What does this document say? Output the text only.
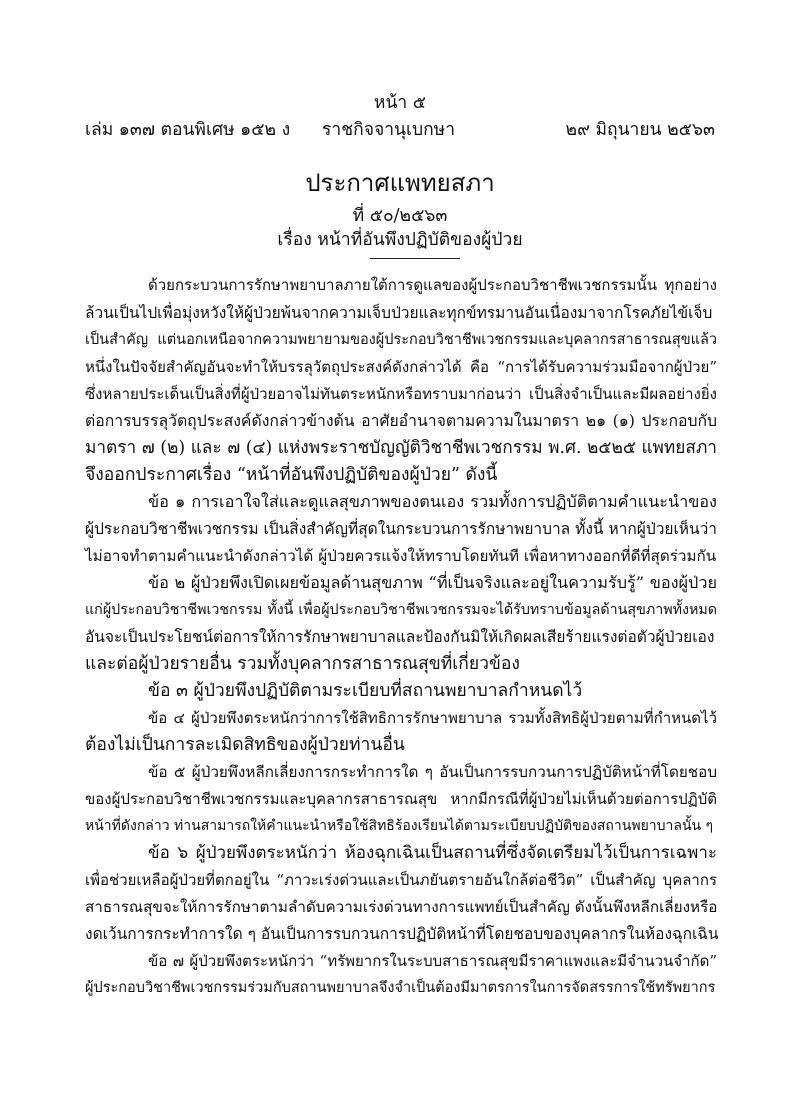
หน้า ๕
เล่ม ๑๓๗ ตอนพิเศษ ๑๕๒ ง ราชกิจจานุเบกษา	๒๙ มิถุนายน ๒๕๖๓
ประกาศแพทยสภา
ที่ ๕๐/๒๕๖๓
เรื่อง หน้าที่อันพึงปฏิบัติของผู้ป่วย
ด้วยกระบวนการรักษาพยาบาลภายใต้การดูแลของผู้ประกอบวิชาชีพเวชกรรมนั้น ทุกอย่าง
ล้วนเป็นไปเพื่อมุ่งหวังให้ผู้ป่วยพ้นจากความเจ็บป่วยและทุกข์ทรมานอันเนื่องมาจากโรคภัยไข้เจ็บ
เป็นสำคัญ แต่นอกเหนือจากความพยายามของผู้ประกอบวิชาชีพเวชกรรมและบุคลากรสาธารณสุขแล้ว
หนึ่งในปัจจัยสำคัญอันจะทำให้บรรลุวัตถุประสงค์ดังกล่าวได้ คือ “การได้รับความร่วมมือจากผู้ป่วย”
ซึ่งหลายประเด็นเป็นสิ่งที่ผู้ป่วยอาจไม่ทันตระหนักหรือทราบมาก่อนว่า เป็นสิ่งจำเป็นและมีผลอย่างยิ่ง
ต่อการบรรลุวัตถุประสงค์ดังกล่าวข้างต้น อาศัยอำนาจตามความในมาตรา ๒๑ (๑) ประกอบกับ
มาตรา ๗ (๒) และ ๗ (๔) แห่งพระราชบัญญัติวิชาชีพเวชกรรม พ.ศ. ๒๕๒๕ แพทยสภา
จึงออกประกาศเรื่อง “หน้าที่อันพึงปฏิบัติของผู้ป่วย” ดังนี้
ข้อ ๑ การเอาใจใส่และดูแลสุขภาพของตนเอง รวมทั้งการปฏิบัติตามคำแนะนำของ
ผู้ประกอบวิชาชีพเวชกรรม เป็นสิ่งสำคัญที่สุดในกระบวนการรักษาพยาบาล ทั้งนี้ หากผู้ป่วยเห็นว่า
ไม่อาจทำตามคำแนะนำดังกล่าวได้ ผู้ป่วยควรแจ้งให้ทราบโดยทันที เพื่อหาทางออกที่ดีที่สุดร่วมกัน
ข้อ ๒ ผู้ป่วยพึงเปิดเผยข้อมูลด้านสุขภาพ “ที่เป็นจริงและอยู่ในความรับรู้” ของผู้ป่วย
แก่ผู้ประกอบวิชาชีพเวชกรรม ทั้งนี้ เพื่อผู้ประกอบวิชาชีพเวชกรรมจะได้รับทราบข้อมูลด้านสุขภาพทั้งหมด
อันจะเป็นประโยชน์ต่อการให้การรักษาพยาบาลและป้องกันมิให้เกิดผลเสียร้ายแรงต่อตัวผู้ป่วยเอง
และต่อผู้ป่วยรายอื่น รวมทั้งบุคลากรสาธารณสุขที่เกี่ยวข้อง
ข้อ ๓ ผู้ป่วยพึงปฏิบัติตามระเบียบที่สถานพยาบาลกำหนดไว้
ข้อ ๔ ผู้ป่วยพึงตระหนักว่าการใช้สิทธิการรักษาพยาบาล รวมทั้งสิทธิผู้ป่วยตามที่กำหนดไว้
ต้องไม่เป็นการละเมิดสิทธิของผู้ป่วยท่านอื่น
ข้อ ๕ ผู้ป่วยพึงหลีกเลี่ยงการกระทำการใด ๆ อันเป็นการรบกวนการปฏิบัติหน้าที่โดยชอบ
ของผู้ประกอบวิชาชีพเวชกรรมและบุคลากรสาธารณสุข หากมีกรณีที่ผู้ป่วยไม่เห็นด้วยต่อการปฏิบัติ
หน้าที่ดังกล่าว ท่านสามารถให้คำแนะนำหรือใช้สิทธิร้องเรียนได้ตามระเบียบปฏิบัติของสถานพยาบาลนั้น ๆ
ข้อ ๖ ผู้ป่วยพึงตระหนักว่า ห้องฉุกเฉินเป็นสถานที่ซึ่งจัดเตรียมไว้เป็นการเฉพาะ
เพื่อช่วยเหลือผู้ป่วยที่ตกอยู่ใน “ภาวะเร่งด่วนและเป็นภยันตรายอันใกล้ต่อชีวิต” เป็นสำคัญ บุคลากร
สาธารณสุขจะให้การรักษาตามลำดับความเร่งด่วนทางการแพทย์เป็นสำคัญ ดังนั้นพึงหลีกเลี่ยงหรือ
งดเว้นการกระทำการใด ๆ อันเป็นการรบกวนการปฏิบัติหน้าที่โดยชอบของบุคลากรในห้องฉุกเฉิน
ข้อ ๗ ผู้ป่วยพึงตระหนักว่า “ทรัพยากรในระบบสาธารณสุขมีราคาแพงและมีจำนวนจำกัด”
ผู้ประกอบวิชาชีพเวชกรรมร่วมกับสถานพยาบาลจึงจำเป็นต้องมีมาตรการในการจัดสรรการใช้ทรัพยากร
